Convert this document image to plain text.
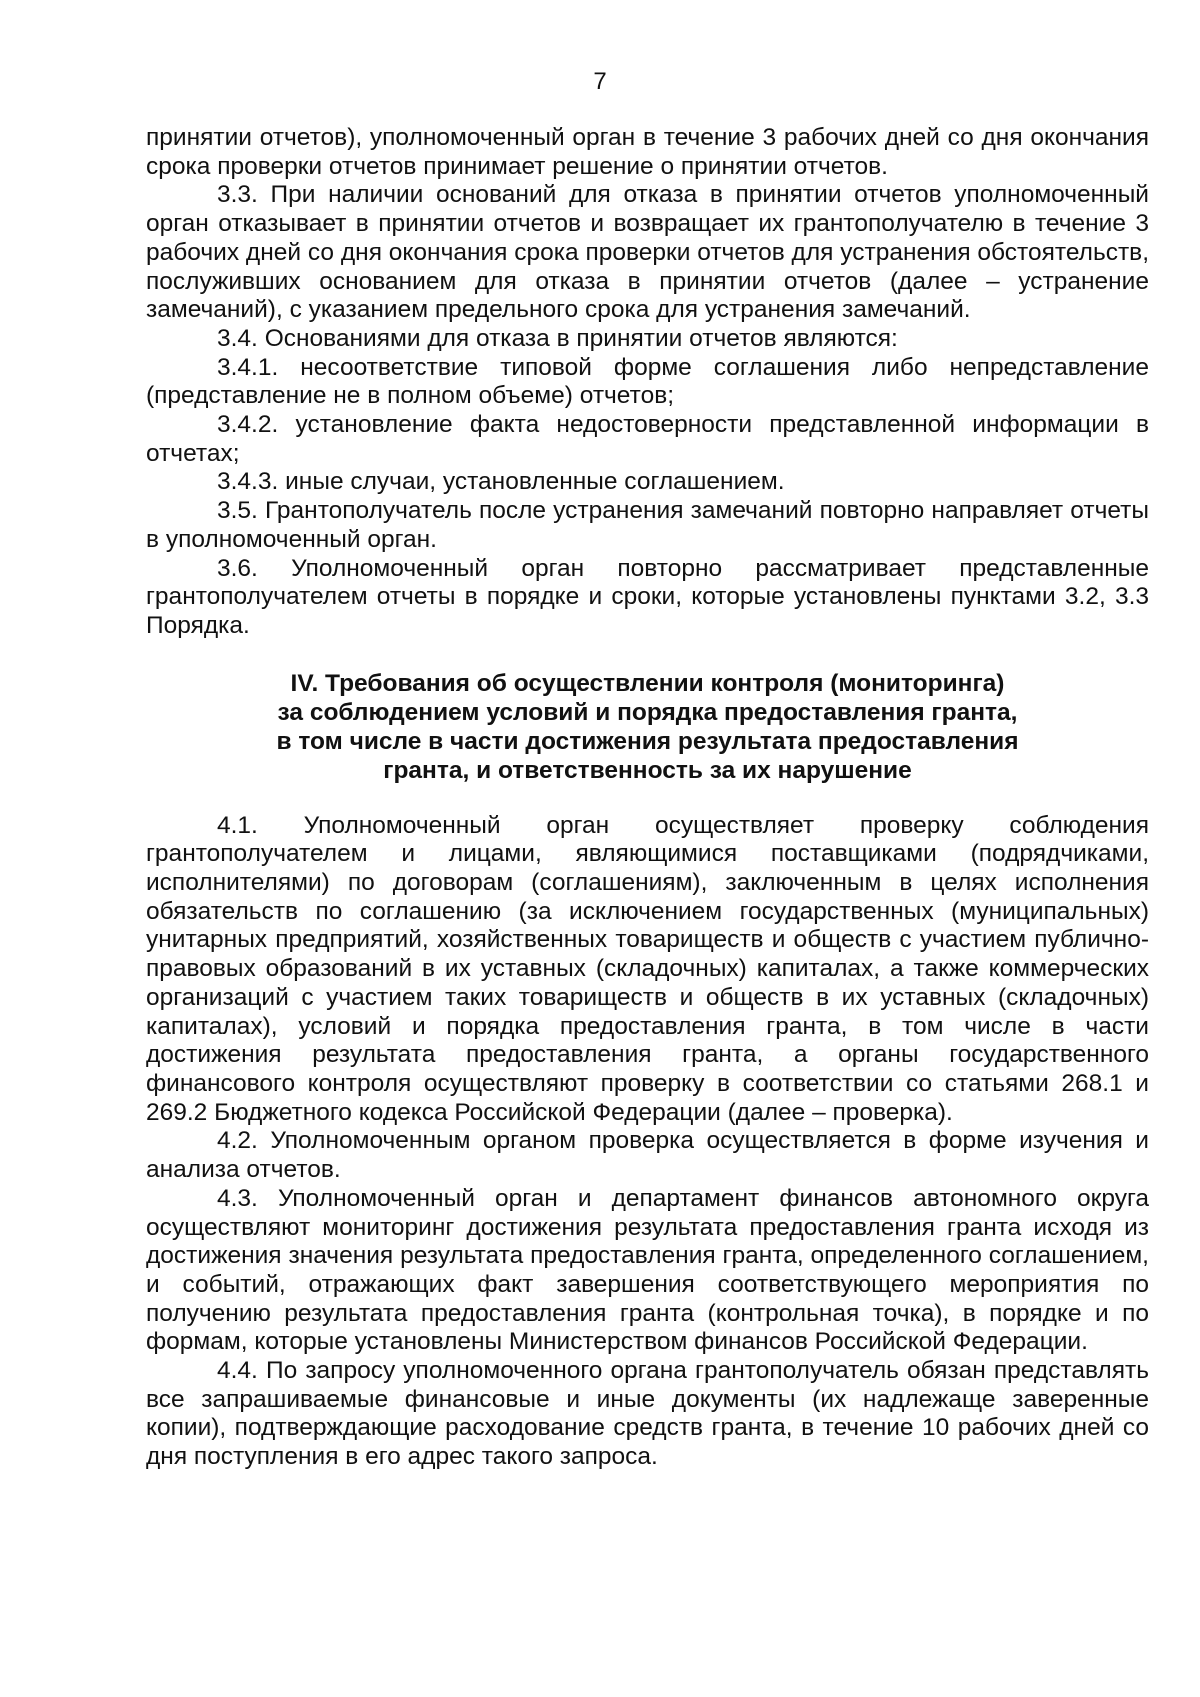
7

принятии отчетов), уполномоченный орган в течение 3 рабочих дней со дня окончания срока проверки отчетов принимает решение о принятии отчетов.

3.3. При наличии оснований для отказа в принятии отчетов уполномоченный орган отказывает в принятии отчетов и возвращает их грантополучателю в течение 3 рабочих дней со дня окончания срока проверки отчетов для устранения обстоятельств, послуживших основанием для отказа в принятии отчетов (далее – устранение замечаний), с указанием предельного срока для устранения замечаний.

3.4. Основаниями для отказа в принятии отчетов являются:

3.4.1. несоответствие типовой форме соглашения либо непредставление (представление не в полном объеме) отчетов;

3.4.2. установление факта недостоверности представленной информации в отчетах;

3.4.3. иные случаи, установленные соглашением.

3.5. Грантополучатель после устранения замечаний повторно направляет отчеты в уполномоченный орган.

3.6. Уполномоченный орган повторно рассматривает представленные грантополучателем отчеты в порядке и сроки, которые установлены пунктами 3.2, 3.3 Порядка.

IV. Требования об осуществлении контроля (мониторинга)
за соблюдением условий и порядка предоставления гранта,
в том числе в части достижения результата предоставления
гранта, и ответственность за их нарушение

4.1. Уполномоченный орган осуществляет проверку соблюдения грантополучателем и лицами, являющимися поставщиками (подрядчиками, исполнителями) по договорам (соглашениям), заключенным в целях исполнения обязательств по соглашению (за исключением государственных (муниципальных) унитарных предприятий, хозяйственных товариществ и обществ с участием публично-правовых образований в их уставных (складочных) капиталах, а также коммерческих организаций с участием таких товариществ и обществ в их уставных (складочных) капиталах), условий и порядка предоставления гранта, в том числе в части достижения результата предоставления гранта, а органы государственного финансового контроля осуществляют проверку в соответствии со статьями 268.1 и 269.2 Бюджетного кодекса Российской Федерации (далее – проверка).

4.2. Уполномоченным органом проверка осуществляется в форме изучения и анализа отчетов.

4.3. Уполномоченный орган и департамент финансов автономного округа осуществляют мониторинг достижения результата предоставления гранта исходя из достижения значения результата предоставления гранта, определенного соглашением, и событий, отражающих факт завершения соответствующего мероприятия по получению результата предоставления гранта (контрольная точка), в порядке и по формам, которые установлены Министерством финансов Российской Федерации.

4.4. По запросу уполномоченного органа грантополучатель обязан представлять все запрашиваемые финансовые и иные документы (их надлежаще заверенные копии), подтверждающие расходование средств гранта, в течение 10 рабочих дней со дня поступления в его адрес такого запроса.
